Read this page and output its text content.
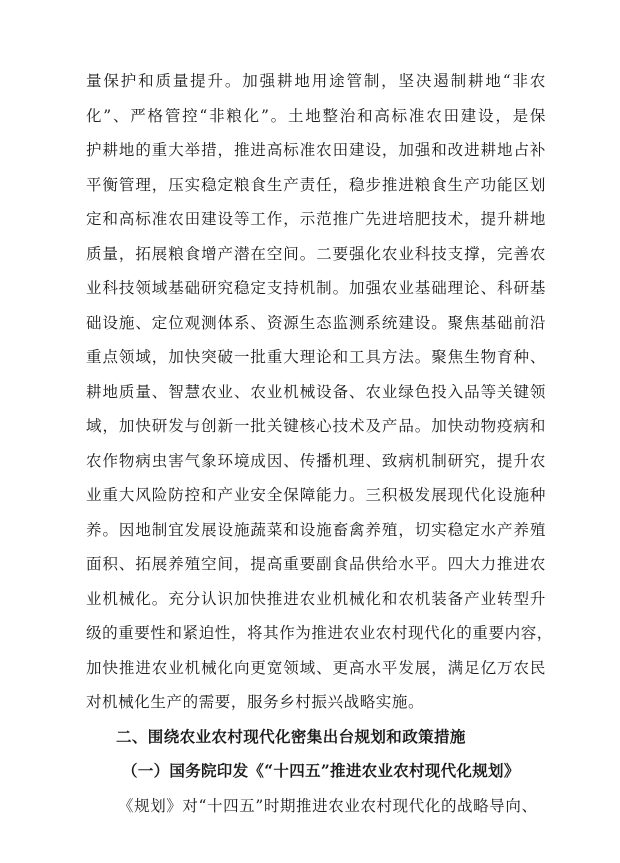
量保护和质量提升。加强耕地用途管制，坚决遏制耕地“非农
化”、严格管控“非粮化”。土地整治和高标准农田建设，是保
护耕地的重大举措，推进高标准农田建设，加强和改进耕地占补
平衡管理，压实稳定粮食生产责任，稳步推进粮食生产功能区划
定和高标准农田建设等工作，示范推广先进培肥技术，提升耕地
质量，拓展粮食增产潜在空间。二要强化农业科技支撑，完善农
业科技领域基础研究稳定支持机制。加强农业基础理论、科研基
础设施、定位观测体系、资源生态监测系统建设。聚焦基础前沿
重点领域，加快突破一批重大理论和工具方法。聚焦生物育种、
耕地质量、智慧农业、农业机械设备、农业绿色投入品等关键领
域，加快研发与创新一批关键核心技术及产品。加快动物疫病和
农作物病虫害气象环境成因、传播机理、致病机制研究，提升农
业重大风险防控和产业安全保障能力。三积极发展现代化设施种
养。因地制宜发展设施蔬菜和设施畜禽养殖，切实稳定水产养殖
面积、拓展养殖空间，提高重要副食品供给水平。四大力推进农
业机械化。充分认识加快推进农业机械化和农机装备产业转型升
级的重要性和紧迫性，将其作为推进农业农村现代化的重要内容，
加快推进农业机械化向更宽领域、更高水平发展，满足亿万农民
对机械化生产的需要，服务乡村振兴战略实施。
二、围绕农业农村现代化密集出台规划和政策措施
（一）国务院印发《“十四五”推进农业农村现代化规划》
《规划》对“十四五”时期推进农业农村现代化的战略导向、
